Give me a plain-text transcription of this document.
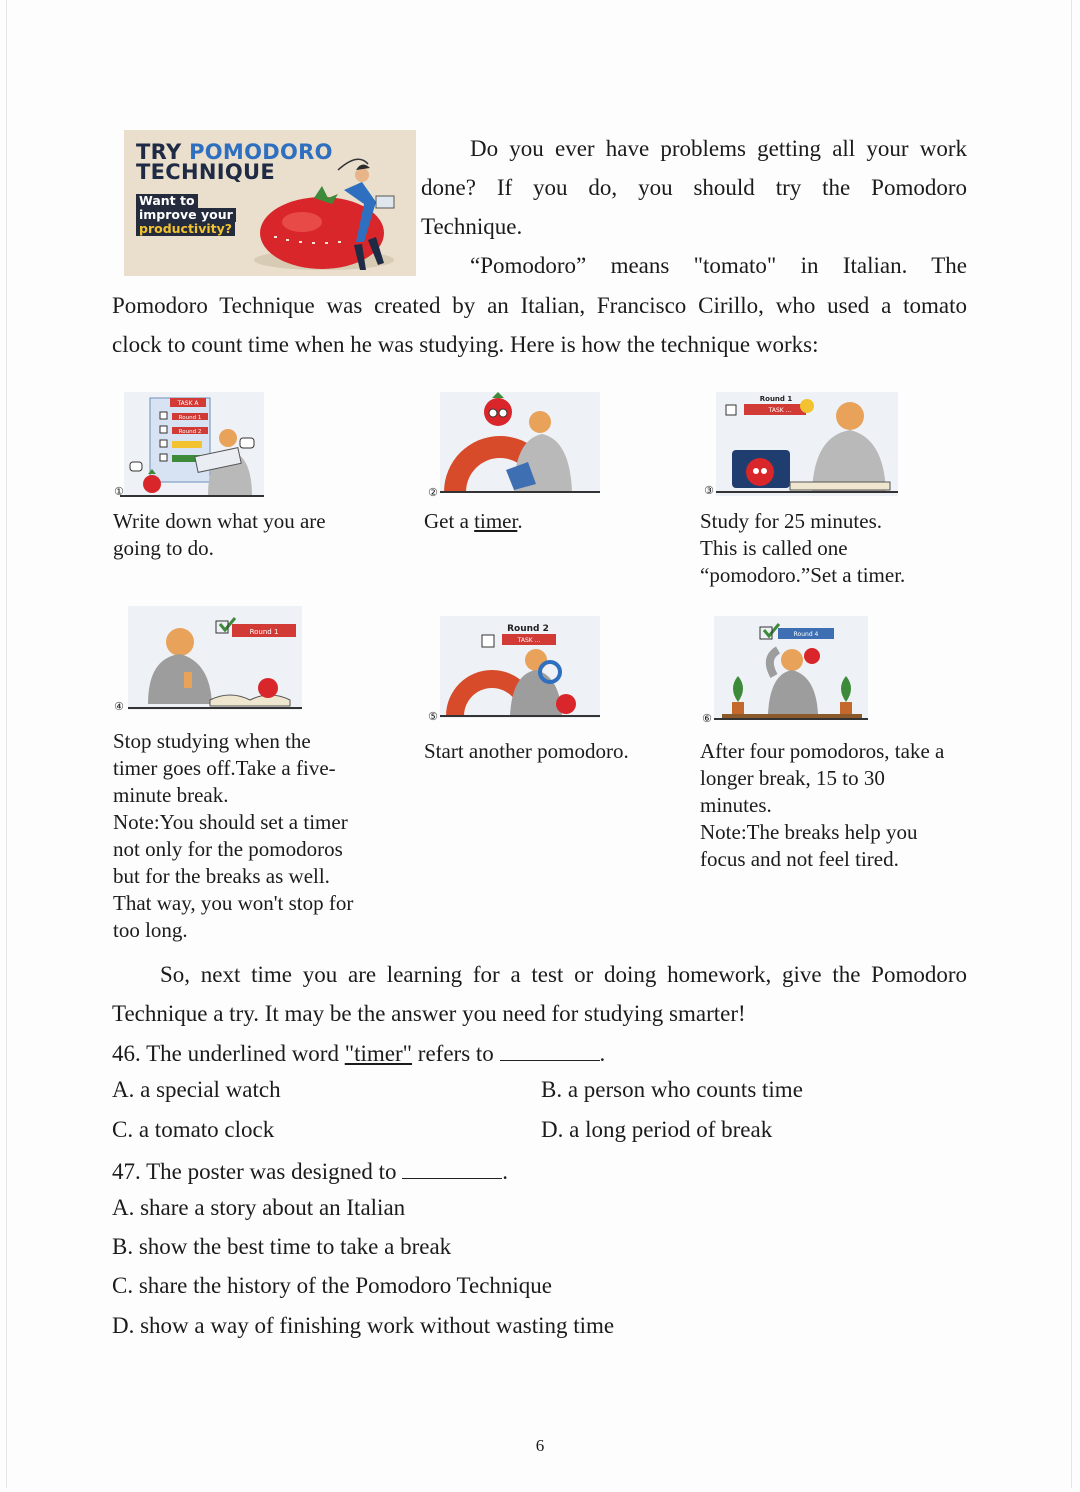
TRY POMODORO
TECHNIQUE
Want to
improve your
productivity?
Do you ever have problems getting all your work
done? If you do, you should try the Pomodoro
Technique.
“Pomodoro” means "tomato" in Italian. The
Pomodoro Technique was created by an Italian, Francisco Cirillo, who used a tomato
clock to count time when he was studying. Here is how the technique works:
TASK A
Round 1
Round 2
①
Write down what you are
going to do.
②
Get a timer.
Round 1
TASK ...
③
Study for 25 minutes.
This is called one
“pomodoro.”Set a timer.
Round 1
④
Stop studying when the
timer goes off.Take a five-
minute break.
Note:You should set a timer
not only for the pomodoros
but for the breaks as well.
That way, you won't stop for
too long.
Round 2
TASK ...
⑤
Start another pomodoro.
Round 4
⑥
After four pomodoros, take a
longer break, 15 to 30
minutes.
Note:The breaks help you
focus and not feel tired.
So, next time you are learning for a test or doing homework, give the Pomodoro
Technique a try. It may be the answer you need for studying smarter!
46. The underlined word "timer" refers to	.
A. a special watch	B. a person who counts time
C. a tomato clock	D. a long period of break
47. The poster was designed to	.
A. share a story about an Italian
B. show the best time to take a break
C. share the history of the Pomodoro Technique
D. show a way of finishing work without wasting time
6
